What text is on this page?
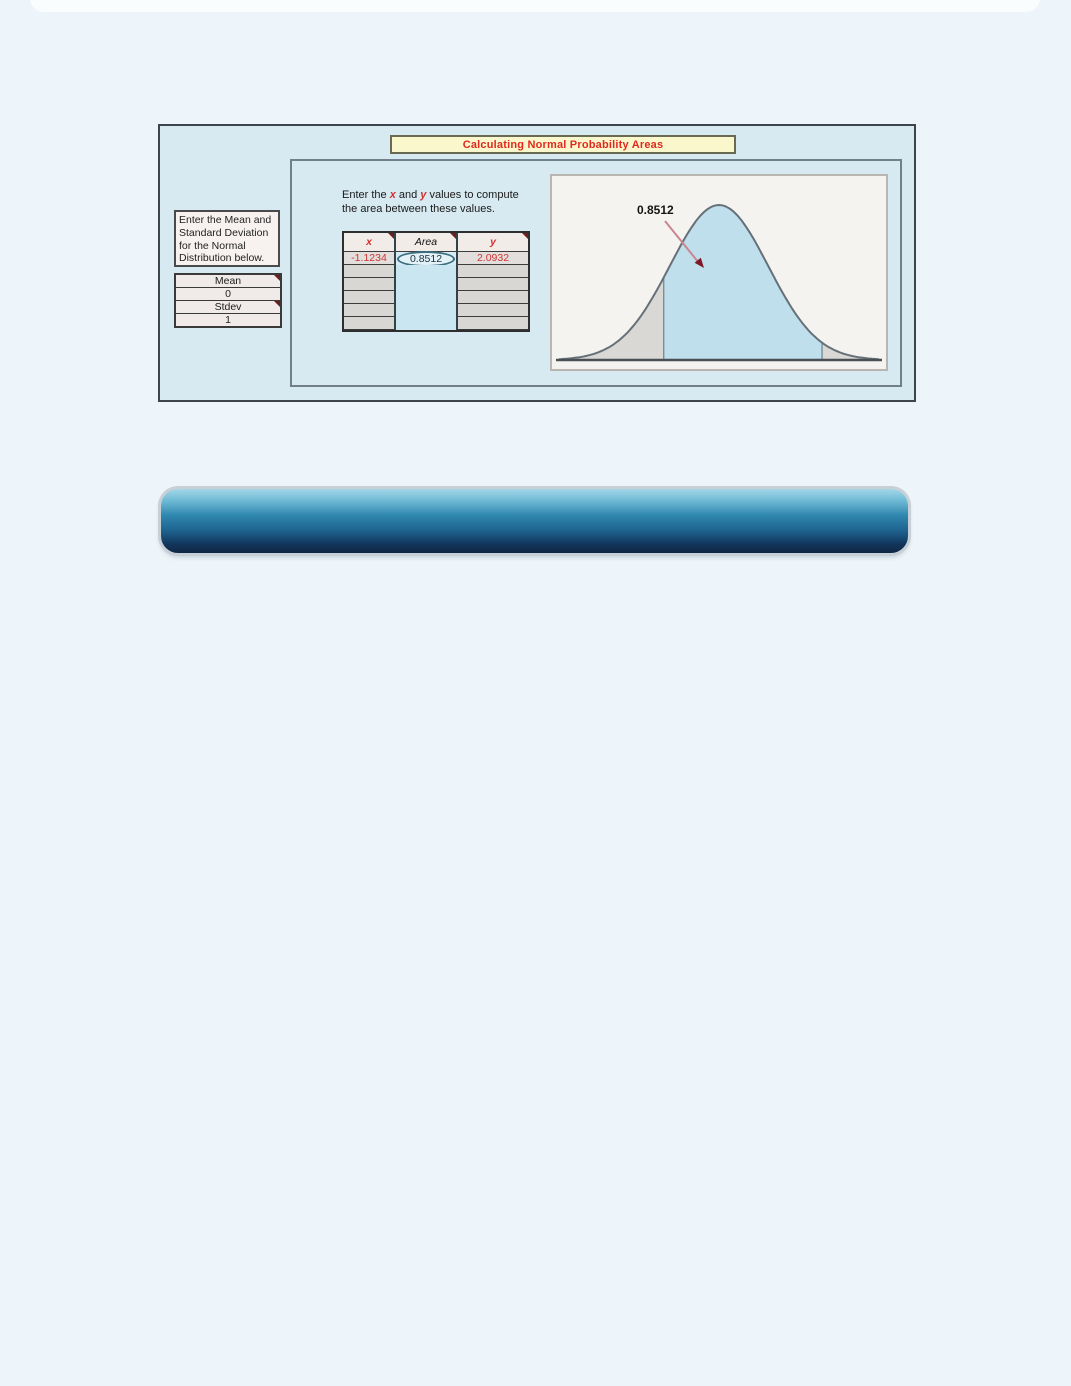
Calculating Normal Probability Areas
Enter the Mean and Standard Deviation for the Normal Distribution below.
Mean
0
Stdev
1
Enter the x and y values to compute
the area between these values.
x	Area	y
-1.1234	0.8512	2.0932
0.8512
